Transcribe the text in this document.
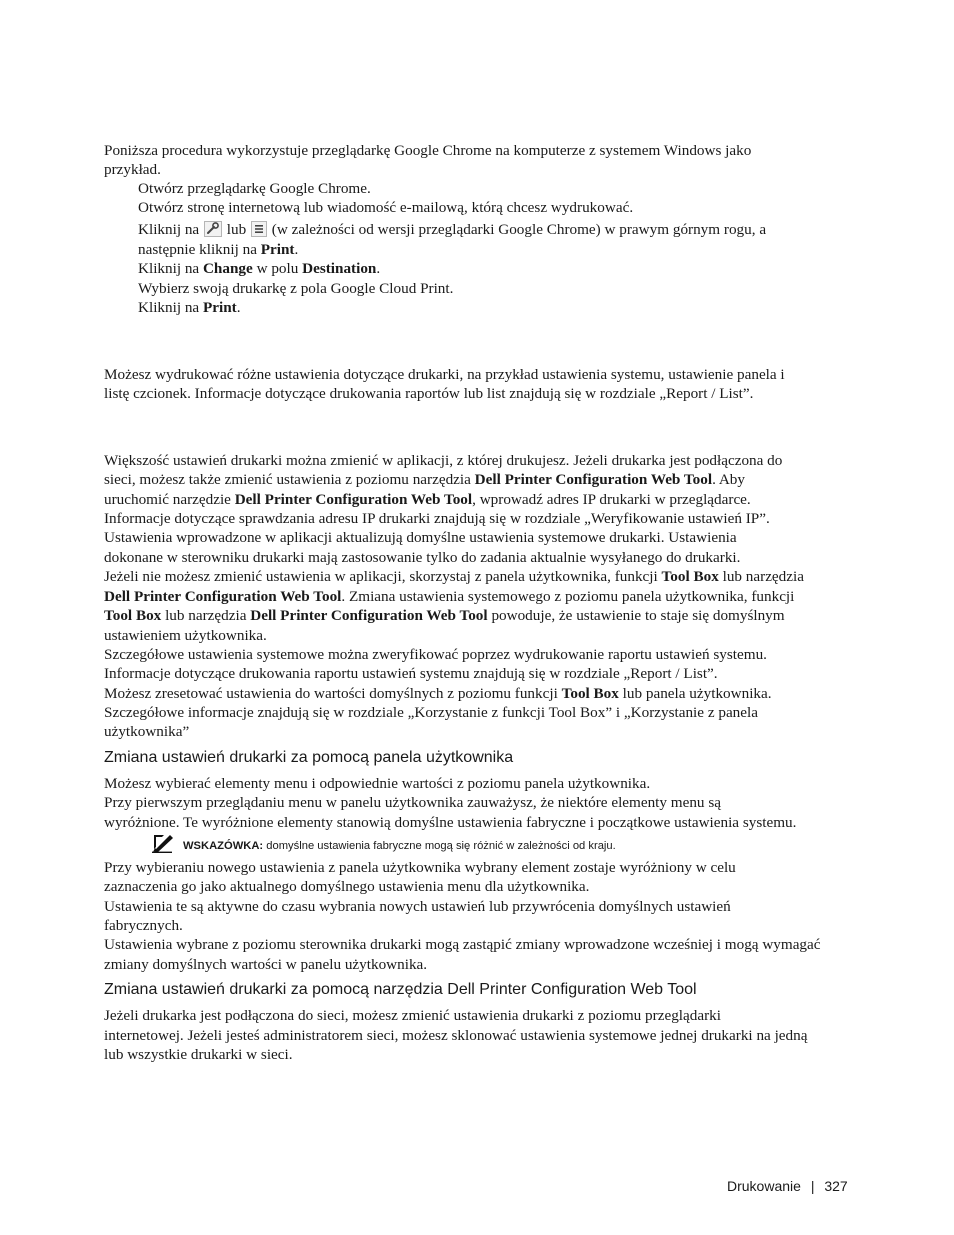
Poniższa procedura wykorzystuje przeglądarkę Google Chrome na komputerze z systemem Windows jako
przykład.
Otwórz przeglądarkę Google Chrome.
Otwórz stronę internetową lub wiadomość e-mailową, którą chcesz wydrukować.
Kliknij na lub (w zależności od wersji przeglądarki Google Chrome) w prawym górnym rogu, a
następnie kliknij na Print.
Kliknij na Change w polu Destination.
Wybierz swoją drukarkę z pola Google Cloud Print.
Kliknij na Print.
Możesz wydrukować różne ustawienia dotyczące drukarki, na przykład ustawienia systemu, ustawienie panela i
listę czcionek. Informacje dotyczące drukowania raportów lub list znajdują się w rozdziale „Report / List”.
Większość ustawień drukarki można zmienić w aplikacji, z której drukujesz. Jeżeli drukarka jest podłączona do
sieci, możesz także zmienić ustawienia z poziomu narzędzia Dell Printer Configuration Web Tool. Aby
uruchomić narzędzie Dell Printer Configuration Web Tool, wprowadź adres IP drukarki w przeglądarce.
Informacje dotyczące sprawdzania adresu IP drukarki znajdują się w rozdziale „Weryfikowanie ustawień IP”.
Ustawienia wprowadzone w aplikacji aktualizują domyślne ustawienia systemowe drukarki. Ustawienia
dokonane w sterowniku drukarki mają zastosowanie tylko do zadania aktualnie wysyłanego do drukarki.
Jeżeli nie możesz zmienić ustawienia w aplikacji, skorzystaj z panela użytkownika, funkcji Tool Box lub narzędzia
Dell Printer Configuration Web Tool. Zmiana ustawienia systemowego z poziomu panela użytkownika, funkcji
Tool Box lub narzędzia Dell Printer Configuration Web Tool powoduje, że ustawienie to staje się domyślnym
ustawieniem użytkownika.
Szczegółowe ustawienia systemowe można zweryfikować poprzez wydrukowanie raportu ustawień systemu.
Informacje dotyczące drukowania raportu ustawień systemu znajdują się w rozdziale „Report / List”.
Możesz zresetować ustawienia do wartości domyślnych z poziomu funkcji Tool Box lub panela użytkownika.
Szczegółowe informacje znajdują się w rozdziale „Korzystanie z funkcji Tool Box” i „Korzystanie z panela
użytkownika”
Zmiana ustawień drukarki za pomocą panela użytkownika
Możesz wybierać elementy menu i odpowiednie wartości z poziomu panela użytkownika.
Przy pierwszym przeglądaniu menu w panelu użytkownika zauważysz, że niektóre elementy menu są
wyróżnione. Te wyróżnione elementy stanowią domyślne ustawienia fabryczne i początkowe ustawienia systemu.
WSKAZÓWKA: domyślne ustawienia fabryczne mogą się różnić w zależności od kraju.
Przy wybieraniu nowego ustawienia z panela użytkownika wybrany element zostaje wyróżniony w celu
zaznaczenia go jako aktualnego domyślnego ustawienia menu dla użytkownika.
Ustawienia te są aktywne do czasu wybrania nowych ustawień lub przywrócenia domyślnych ustawień
fabrycznych.
Ustawienia wybrane z poziomu sterownika drukarki mogą zastąpić zmiany wprowadzone wcześniej i mogą wymagać
zmiany domyślnych wartości w panelu użytkownika.
Zmiana ustawień drukarki za pomocą narzędzia Dell Printer Configuration Web Tool
Jeżeli drukarka jest podłączona do sieci, możesz zmienić ustawienia drukarki z poziomu przeglądarki
internetowej. Jeżeli jesteś administratorem sieci, możesz sklonować ustawienia systemowe jednej drukarki na jedną
lub wszystkie drukarki w sieci.
Drukowanie | 327
